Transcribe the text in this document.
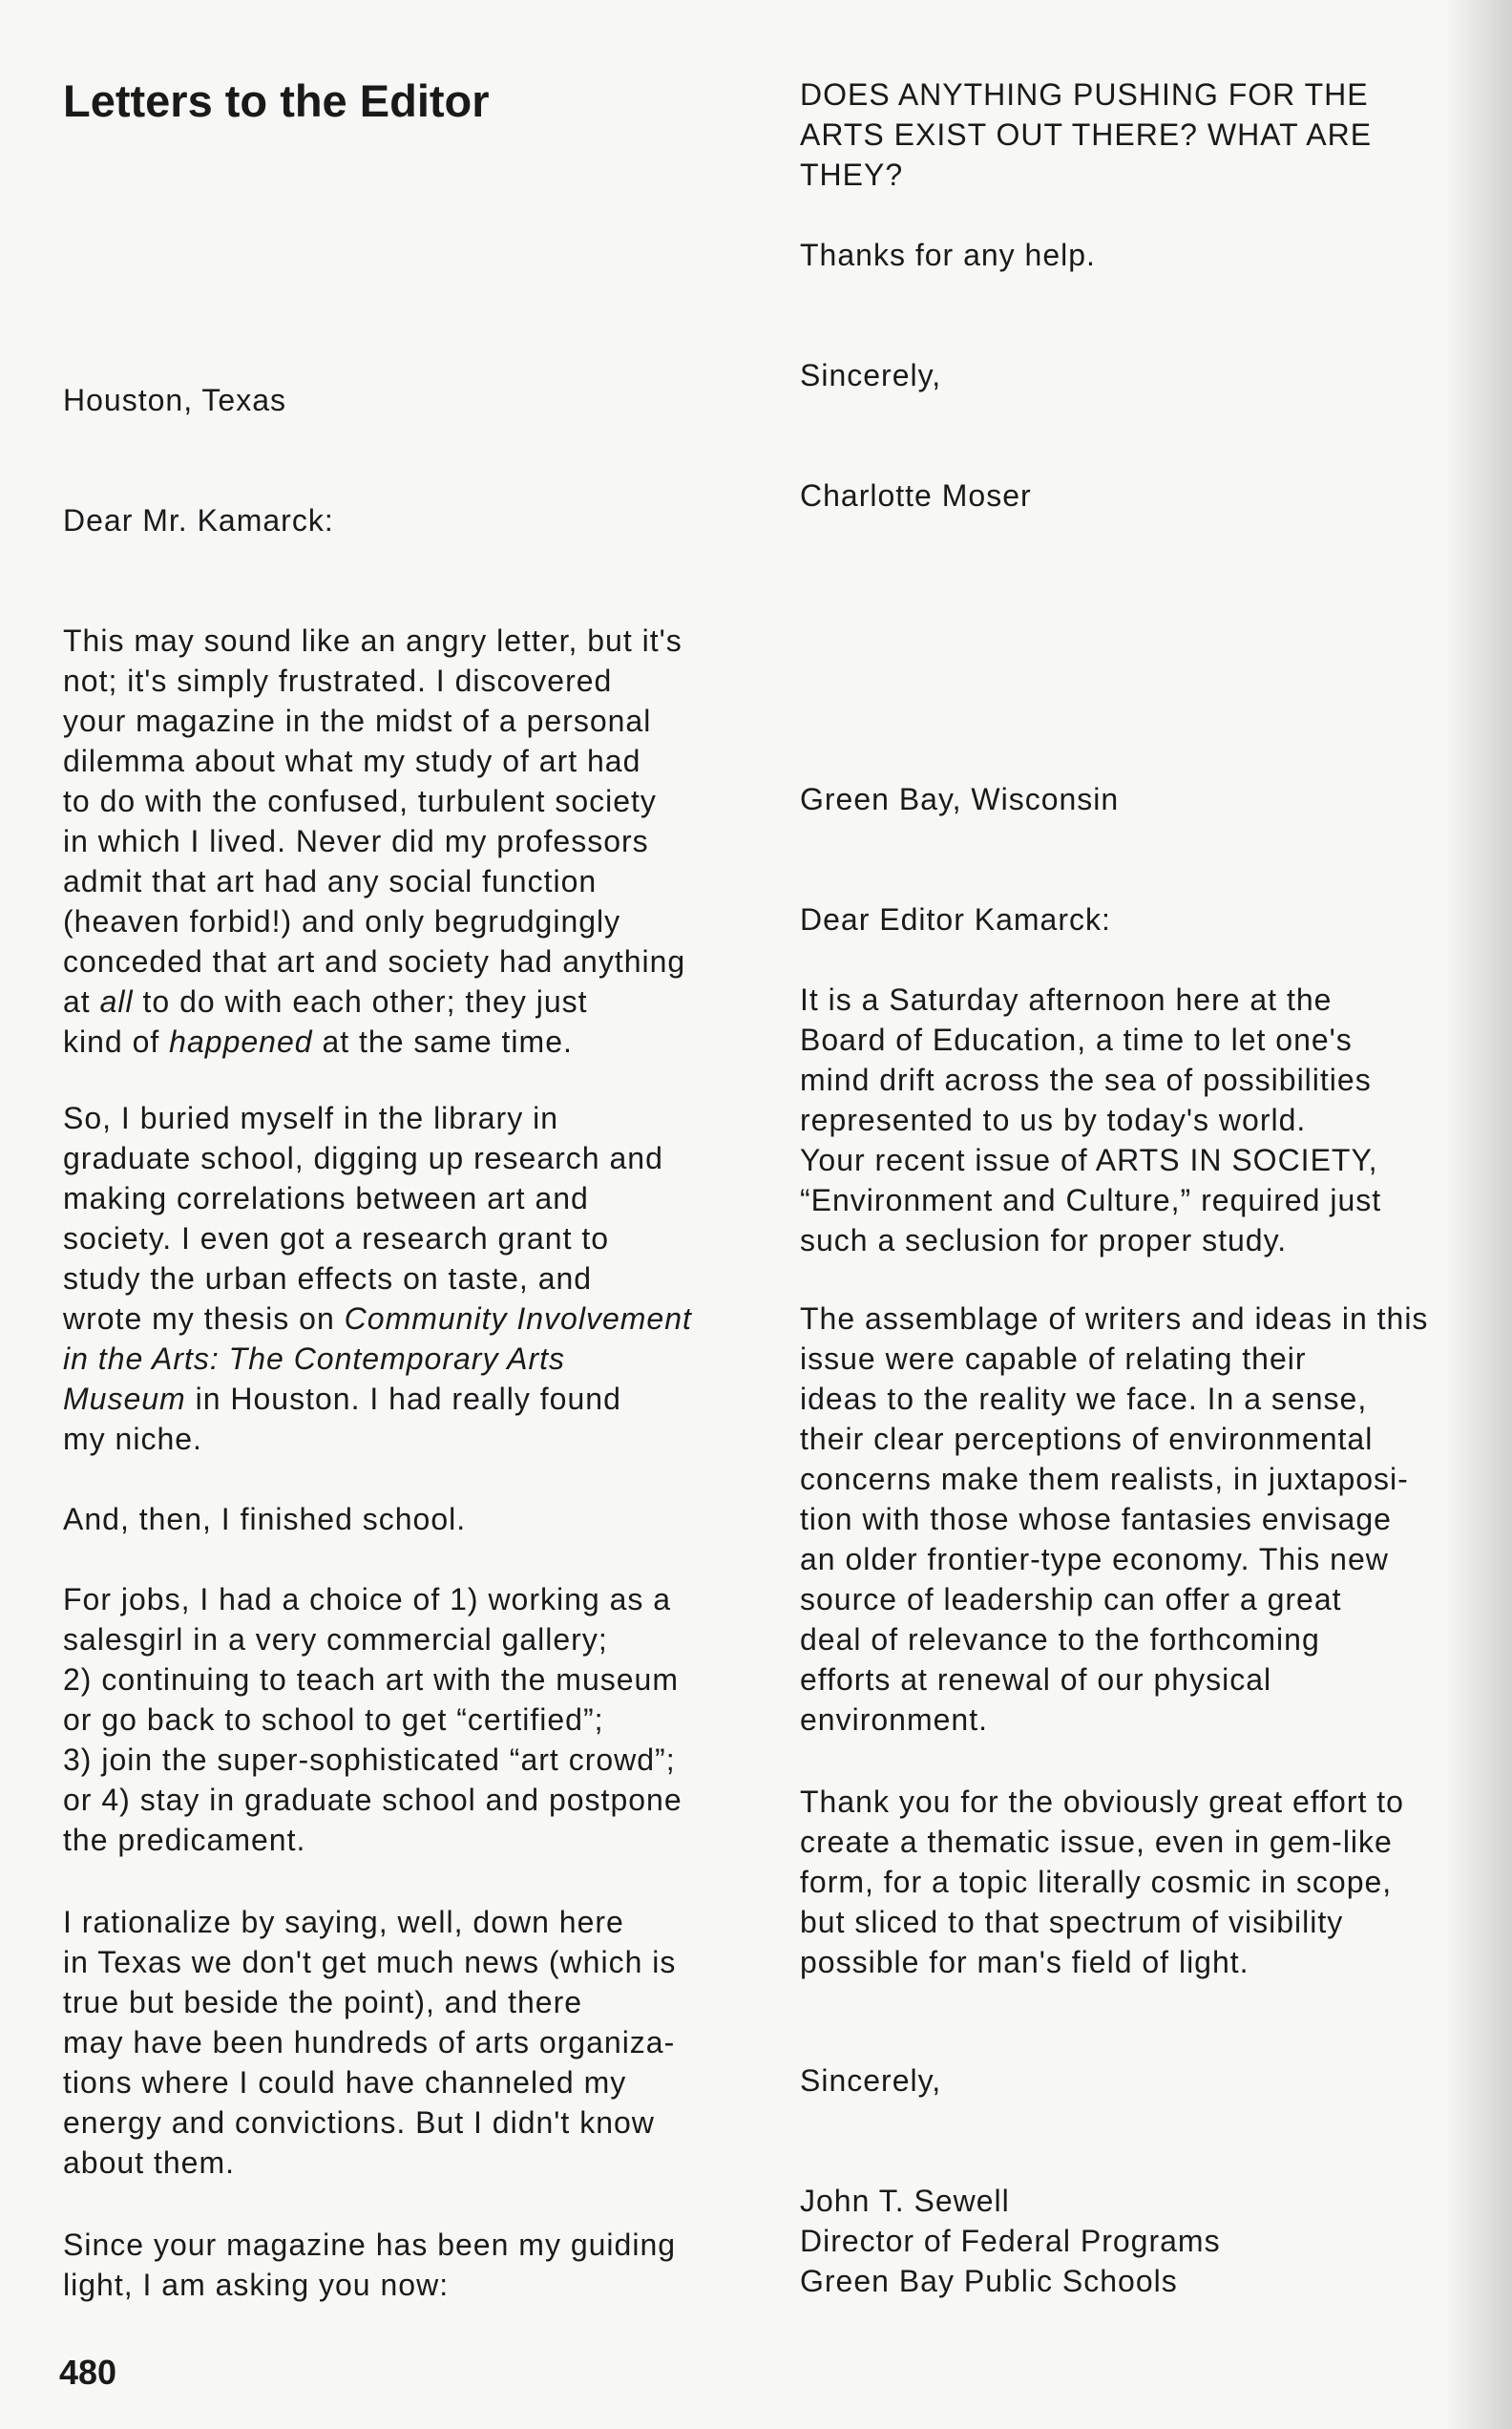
Letters to the Editor

Houston, Texas

Dear Mr. Kamarck:

This may sound like an angry letter, but it's
not; it's simply frustrated. I discovered
your magazine in the midst of a personal
dilemma about what my study of art had
to do with the confused, turbulent society
in which I lived. Never did my professors
admit that art had any social function
(heaven forbid!) and only begrudgingly
conceded that art and society had anything
at all to do with each other; they just
kind of happened at the same time.
So, I buried myself in the library in
graduate school, digging up research and
making correlations between art and
society. I even got a research grant to
study the urban effects on taste, and
wrote my thesis on Community Involvement
in the Arts: The Contemporary Arts
Museum in Houston. I had really found
my niche.

And, then, I finished school.

For jobs, I had a choice of 1) working as a
salesgirl in a very commercial gallery;
2) continuing to teach art with the museum
or go back to school to get “certified”;
3) join the super-sophisticated “art crowd”;
or 4) stay in graduate school and postpone
the predicament.
I rationalize by saying, well, down here
in Texas we don't get much news (which is
true but beside the point), and there
may have been hundreds of arts organiza-
tions where I could have channeled my
energy and convictions. But I didn't know
about them.
Since your magazine has been my guiding
light, I am asking you now:

480

DOES ANYTHING PUSHING FOR THE
ARTS EXIST OUT THERE? WHAT ARE
THEY?

Thanks for any help.

Sincerely,

Charlotte Moser

Green Bay, Wisconsin

Dear Editor Kamarck:

It is a Saturday afternoon here at the
Board of Education, a time to let one's
mind drift across the sea of possibilities
represented to us by today's world.
Your recent issue of ARTS IN SOCIETY,
“Environment and Culture,” required just
such a seclusion for proper study.
The assemblage of writers and ideas in this
issue were capable of relating their
ideas to the reality we face. In a sense,
their clear perceptions of environmental
concerns make them realists, in juxtaposi-
tion with those whose fantasies envisage
an older frontier-type economy. This new
source of leadership can offer a great
deal of relevance to the forthcoming
efforts at renewal of our physical
environment.
Thank you for the obviously great effort to
create a thematic issue, even in gem-like
form, for a topic literally cosmic in scope,
but sliced to that spectrum of visibility
possible for man's field of light.

Sincerely,

John T. Sewell
Director of Federal Programs
Green Bay Public Schools
